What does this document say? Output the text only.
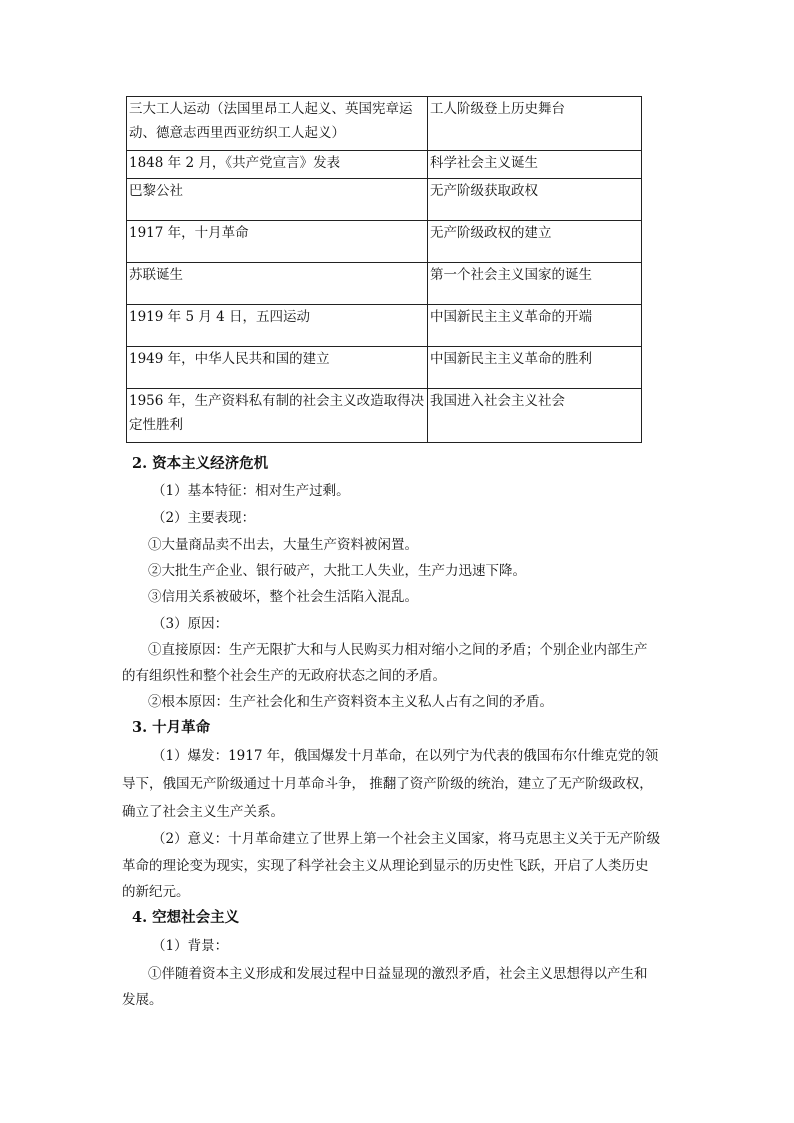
三大工人运动（法国里昂工人起义、英国宪章运动、德意志西里西亚纺织工人起义）	工人阶级登上历史舞台
1848 年 2 月，《共产党宣言》发表	科学社会主义诞生
巴黎公社	无产阶级获取政权
1917 年，十月革命	无产阶级政权的建立
苏联诞生	第一个社会主义国家的诞生
1919 年 5 月 4 日，五四运动	中国新民主主义革命的开端
1949 年，中华人民共和国的建立	中国新民主主义革命的胜利
1956 年，生产资料私有制的社会主义改造取得决定性胜利	我国进入社会主义社会
2. 资本主义经济危机
（1）基本特征：相对生产过剩。
（2）主要表现：
①大量商品卖不出去，大量生产资料被闲置。
②大批生产企业、银行破产，大批工人失业，生产力迅速下降。
③信用关系被破坏，整个社会生活陷入混乱。
（3）原因：
①直接原因：生产无限扩大和与人民购买力相对缩小之间的矛盾；个别企业内部生产
的有组织性和整个社会生产的无政府状态之间的矛盾。
②根本原因：生产社会化和生产资料资本主义私人占有之间的矛盾。
3. 十月革命
（1）爆发：1917 年，俄国爆发十月革命，在以列宁为代表的俄国布尔什维克党的领
导下，俄国无产阶级通过十月革命斗争， 推翻了资产阶级的统治，建立了无产阶级政权，
确立了社会主义生产关系。
（2）意义：十月革命建立了世界上第一个社会主义国家，将马克思主义关于无产阶级
革命的理论变为现实，实现了科学社会主义从理论到显示的历史性飞跃，开启了人类历史
的新纪元。
4. 空想社会主义
（1）背景：
①伴随着资本主义形成和发展过程中日益显现的激烈矛盾，社会主义思想得以产生和
发展。
